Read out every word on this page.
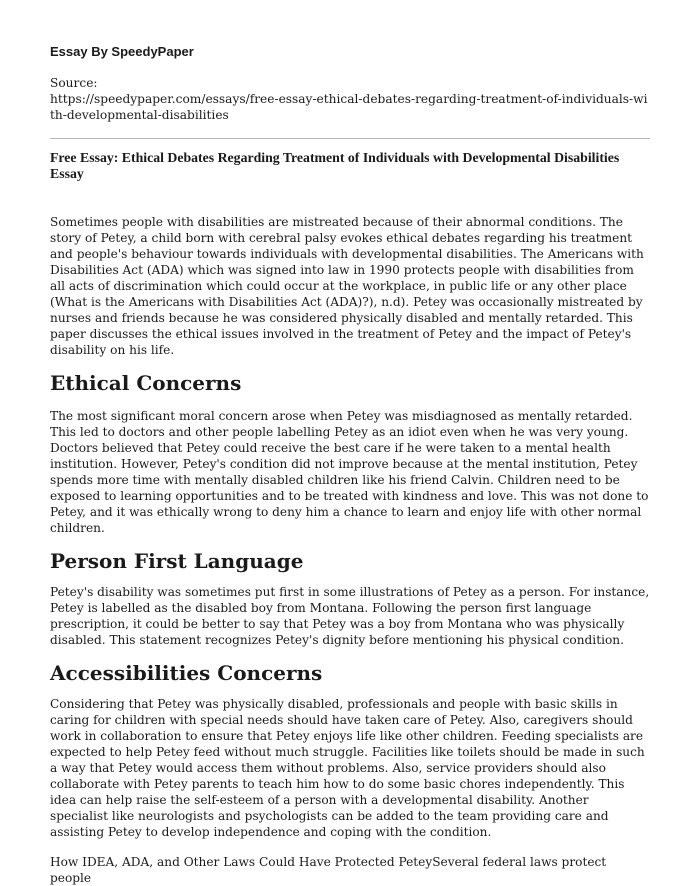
Essay By SpeedyPaper

Source:
https://speedypaper.com/essays/free-essay-ethical-debates-regarding-treatment-of-individuals-with-developmental-disabilities
Free Essay: Ethical Debates Regarding Treatment of Individuals with Developmental Disabilities Essay

Sometimes people with disabilities are mistreated because of their abnormal conditions. The story of Petey, a child born with cerebral palsy evokes ethical debates regarding his treatment and people's behaviour towards individuals with developmental disabilities. The Americans with Disabilities Act (ADA) which was signed into law in 1990 protects people with disabilities from all acts of discrimination which could occur at the workplace, in public life or any other place (What is the Americans with Disabilities Act (ADA)?), n.d). Petey was occasionally mistreated by nurses and friends because he was considered physically disabled and mentally retarded. This paper discusses the ethical issues involved in the treatment of Petey and the impact of Petey's disability on his life.

Ethical Concerns

The most significant moral concern arose when Petey was misdiagnosed as mentally retarded. This led to doctors and other people labelling Petey as an idiot even when he was very young. Doctors believed that Petey could receive the best care if he were taken to a mental health institution. However, Petey's condition did not improve because at the mental institution, Petey spends more time with mentally disabled children like his friend Calvin. Children need to be exposed to learning opportunities and to be treated with kindness and love. This was not done to Petey, and it was ethically wrong to deny him a chance to learn and enjoy life with other normal children.

Person First Language

Petey's disability was sometimes put first in some illustrations of Petey as a person. For instance, Petey is labelled as the disabled boy from Montana. Following the person first language prescription, it could be better to say that Petey was a boy from Montana who was physically disabled. This statement recognizes Petey's dignity before mentioning his physical condition.

Accessibilities Concerns

Considering that Petey was physically disabled, professionals and people with basic skills in caring for children with special needs should have taken care of Petey. Also, caregivers should work in collaboration to ensure that Petey enjoys life like other children. Feeding specialists are expected to help Petey feed without much struggle. Facilities like toilets should be made in such a way that Petey would access them without problems. Also, service providers should also collaborate with Petey parents to teach him how to do some basic chores independently. This idea can help raise the self-esteem of a person with a developmental disability. Another specialist like neurologists and psychologists can be added to the team providing care and assisting Petey to develop independence and coping with the condition.

How IDEA, ADA, and Other Laws Could Have Protected PeteySeveral federal laws protect people
